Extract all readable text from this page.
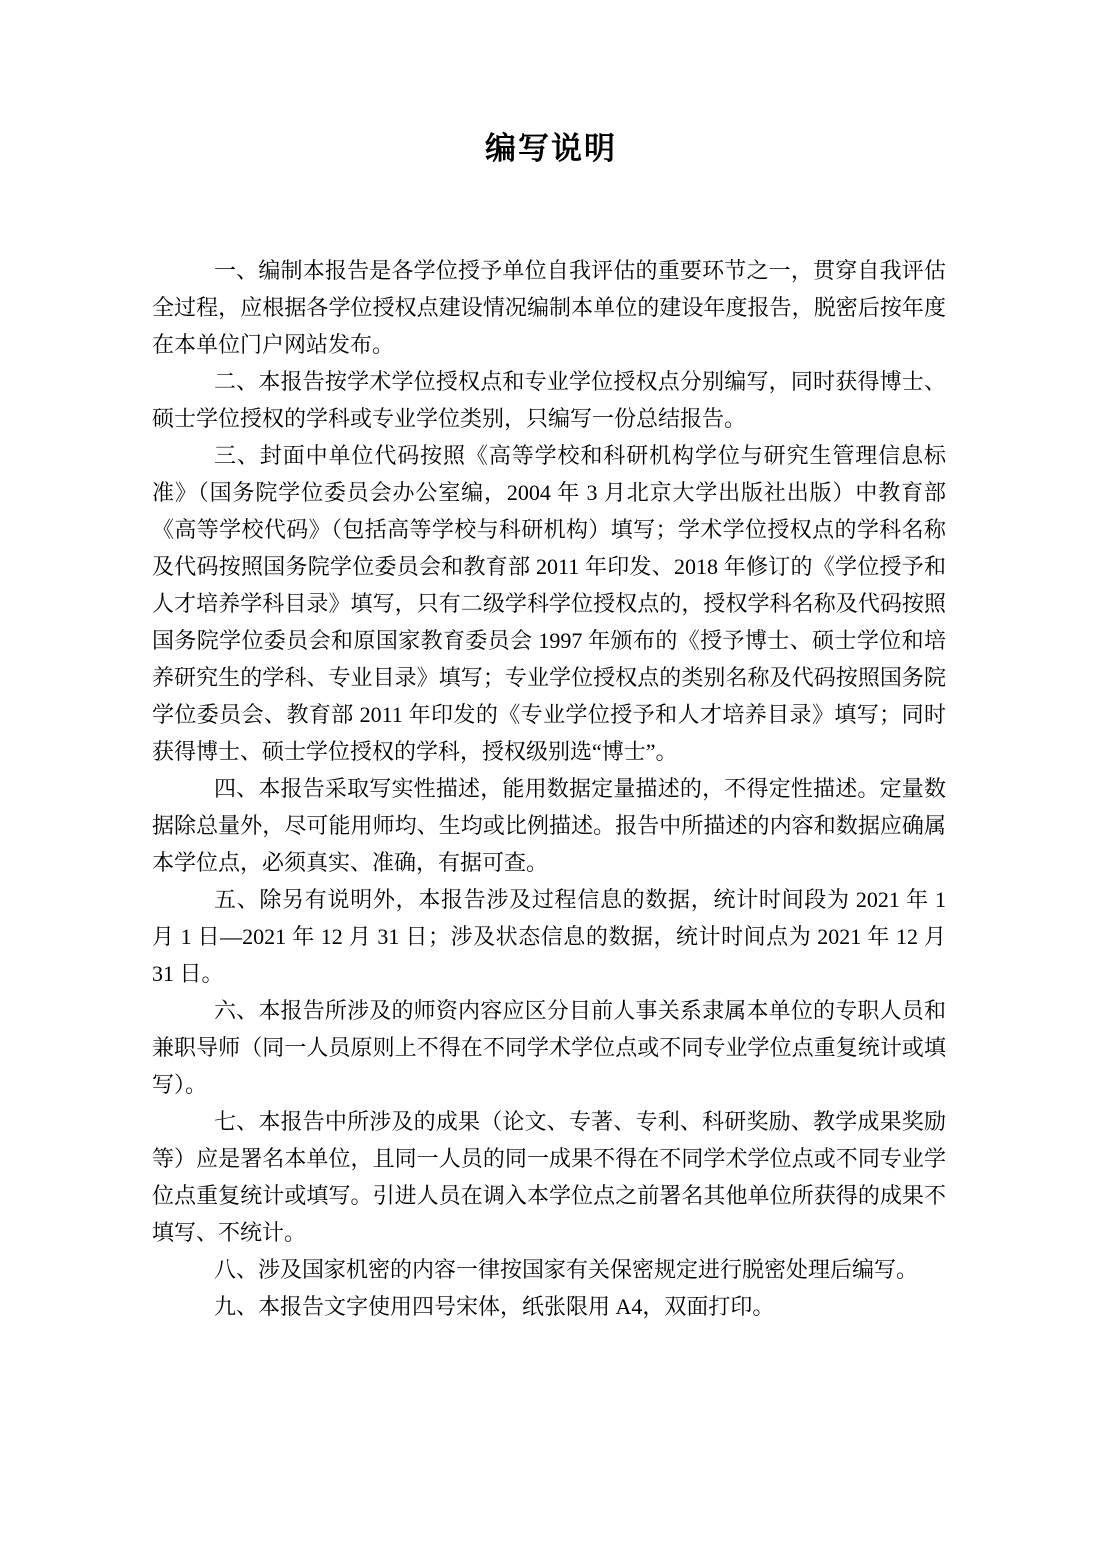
编写说明

一、编制本报告是各学位授予单位自我评估的重要环节之一，贯穿自我评估全过程，应根据各学位授权点建设情况编制本单位的建设年度报告，脱密后按年度在本单位门户网站发布。

二、本报告按学术学位授权点和专业学位授权点分别编写，同时获得博士、硕士学位授权的学科或专业学位类别，只编写一份总结报告。

三、封面中单位代码按照《高等学校和科研机构学位与研究生管理信息标准》（国务院学位委员会办公室编，2004 年 3 月北京大学出版社出版）中教育部《高等学校代码》（包括高等学校与科研机构）填写；学术学位授权点的学科名称及代码按照国务院学位委员会和教育部 2011 年印发、2018 年修订的《学位授予和人才培养学科目录》填写，只有二级学科学位授权点的，授权学科名称及代码按照国务院学位委员会和原国家教育委员会 1997 年颁布的《授予博士、硕士学位和培养研究生的学科、专业目录》填写；专业学位授权点的类别名称及代码按照国务院学位委员会、教育部 2011 年印发的《专业学位授予和人才培养目录》填写；同时获得博士、硕士学位授权的学科，授权级别选“博士”。

四、本报告采取写实性描述，能用数据定量描述的，不得定性描述。定量数据除总量外，尽可能用师均、生均或比例描述。报告中所描述的内容和数据应确属本学位点，必须真实、准确，有据可查。

五、除另有说明外，本报告涉及过程信息的数据，统计时间段为 2021 年 1 月 1 日—2021 年 12 月 31 日；涉及状态信息的数据，统计时间点为 2021 年 12 月 31 日。

六、本报告所涉及的师资内容应区分目前人事关系隶属本单位的专职人员和兼职导师（同一人员原则上不得在不同学术学位点或不同专业学位点重复统计或填写）。

七、本报告中所涉及的成果（论文、专著、专利、科研奖励、教学成果奖励等）应是署名本单位，且同一人员的同一成果不得在不同学术学位点或不同专业学位点重复统计或填写。引进人员在调入本学位点之前署名其他单位所获得的成果不填写、不统计。

八、涉及国家机密的内容一律按国家有关保密规定进行脱密处理后编写。

九、本报告文字使用四号宋体，纸张限用 A4，双面打印。
